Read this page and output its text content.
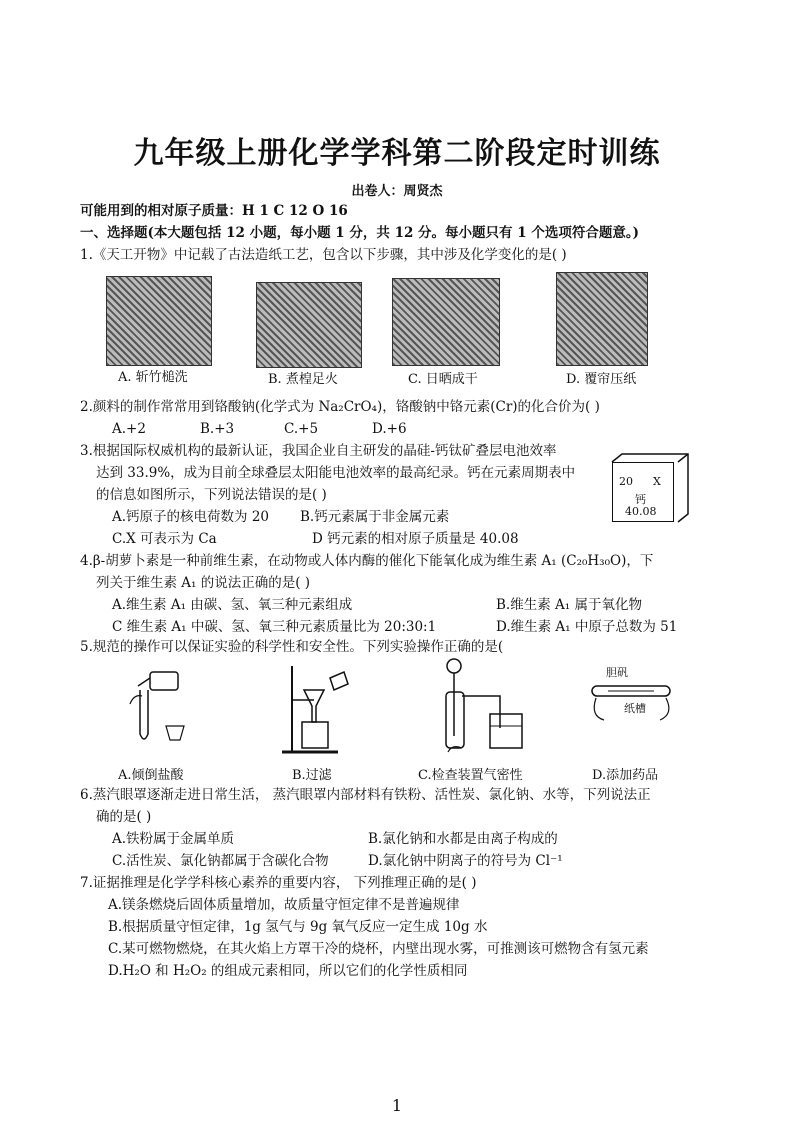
九年级上册化学学科第二阶段定时训练
出卷人：周贤杰
可能用到的相对原子质量：H 1 C 12 O 16
一、选择题(本大题包括 12 小题，每小题 1 分，共 12 分。每小题只有 1 个选项符合题意。)
1.《天工开物》中记载了古法造纸工艺，包含以下步骤，其中涉及化学变化的是( )
A. 斩竹槌洗	B. 煮楻足火	C. 日晒成干	D. 覆帘压纸
2.颜料的制作常常用到铬酸钠(化学式为 Na₂CrO₄)，铬酸钠中铬元素(Cr)的化合价为( )
A.+2	B.+3	C.+5	D.+6
3.根据国际权威机构的最新认证，我国企业自主研发的晶硅-钙钛矿叠层电池效率
达到 33.9%，成为目前全球叠层太阳能电池效率的最高纪录。钙在元素周期表中
的信息如图所示，下列说法错误的是( )
A.钙原子的核电荷数为 20 B.钙元素属于非金属元素
C.X 可表示为 Ca	D 钙元素的相对原子质量是 40.08
20 X
钙
40.08
4.β-胡萝卜素是一种前维生素，在动物或人体内酶的催化下能氧化成为维生素 A₁ (C₂₀H₃₀O)，下
列关于维生素 A₁ 的说法正确的是( )
A.维生素 A₁ 由碳、氢、氧三种元素组成	B.维生素 A₁ 属于氧化物
C 维生素 A₁ 中碳、氢、氧三种元素质量比为 20:30:1	D.维生素 A₁ 中原子总数为 51
5.规范的操作可以保证实验的科学性和安全性。下列实验操作正确的是(
胆矾
纸槽
A.倾倒盐酸	B.过滤	C.检查装置气密性	D.添加药品
6.蒸汽眼罩逐渐走进日常生活， 蒸汽眼罩内部材料有铁粉、活性炭、氯化钠、水等，下列说法正
确的是( )
A.铁粉属于金属单质	B.氯化钠和水都是由离子构成的
C.活性炭、氯化钠都属于含碳化合物	D.氯化钠中阴离子的符号为 Cl⁻¹
7.证据推理是化学学科核心素养的重要内容， 下列推理正确的是( )
A.镁条燃烧后固体质量增加，故质量守恒定律不是普遍规律
B.根据质量守恒定律，1g 氢气与 9g 氧气反应一定生成 10g 水
C.某可燃物燃烧，在其火焰上方罩干冷的烧杯，内壁出现水雾，可推测该可燃物含有氢元素
D.H₂O 和 H₂O₂ 的组成元素相同，所以它们的化学性质相同
1
